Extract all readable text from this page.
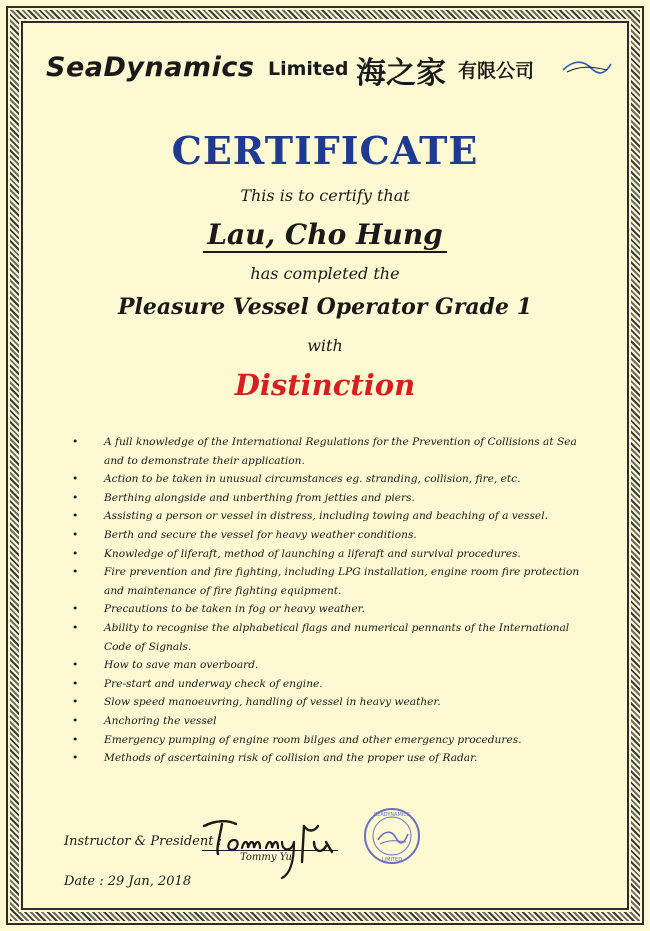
SeaDynamics Limited 海之家 有限公司
CERTIFICATE
This is to certify that
Lau, Cho Hung
has completed the
Pleasure Vessel Operator Grade 1
with
Distinction
• A full knowledge of the International Regulations for the Prevention of Collisions at Sea and to demonstrate their application.
• Action to be taken in unusual circumstances eg. stranding, collision, fire, etc.
• Berthing alongside and unberthing from jetties and piers.
• Assisting a person or vessel in distress, including towing and beaching of a vessel.
• Berth and secure the vessel for heavy weather conditions.
• Knowledge of liferaft, method of launching a liferaft and survival procedures.
• Fire prevention and fire fighting, including LPG installation, engine room fire protection and maintenance of fire fighting equipment.
• Precautions to be taken in fog or heavy weather.
• Ability to recognise the alphabetical flags and numerical pennants of the International Code of Signals.
• How to save man overboard.
• Pre-start and underway check of engine.
• Slow speed manoeuvring, handling of vessel in heavy weather.
• Anchoring the vessel
• Emergency pumping of engine room bilges and other emergency procedures.
• Methods of ascertaining risk of collision and the proper use of Radar.
Instructor & President :
Tommy Yu
Date : 29 Jan, 2018
SEADYNAMICS
LIMITED
